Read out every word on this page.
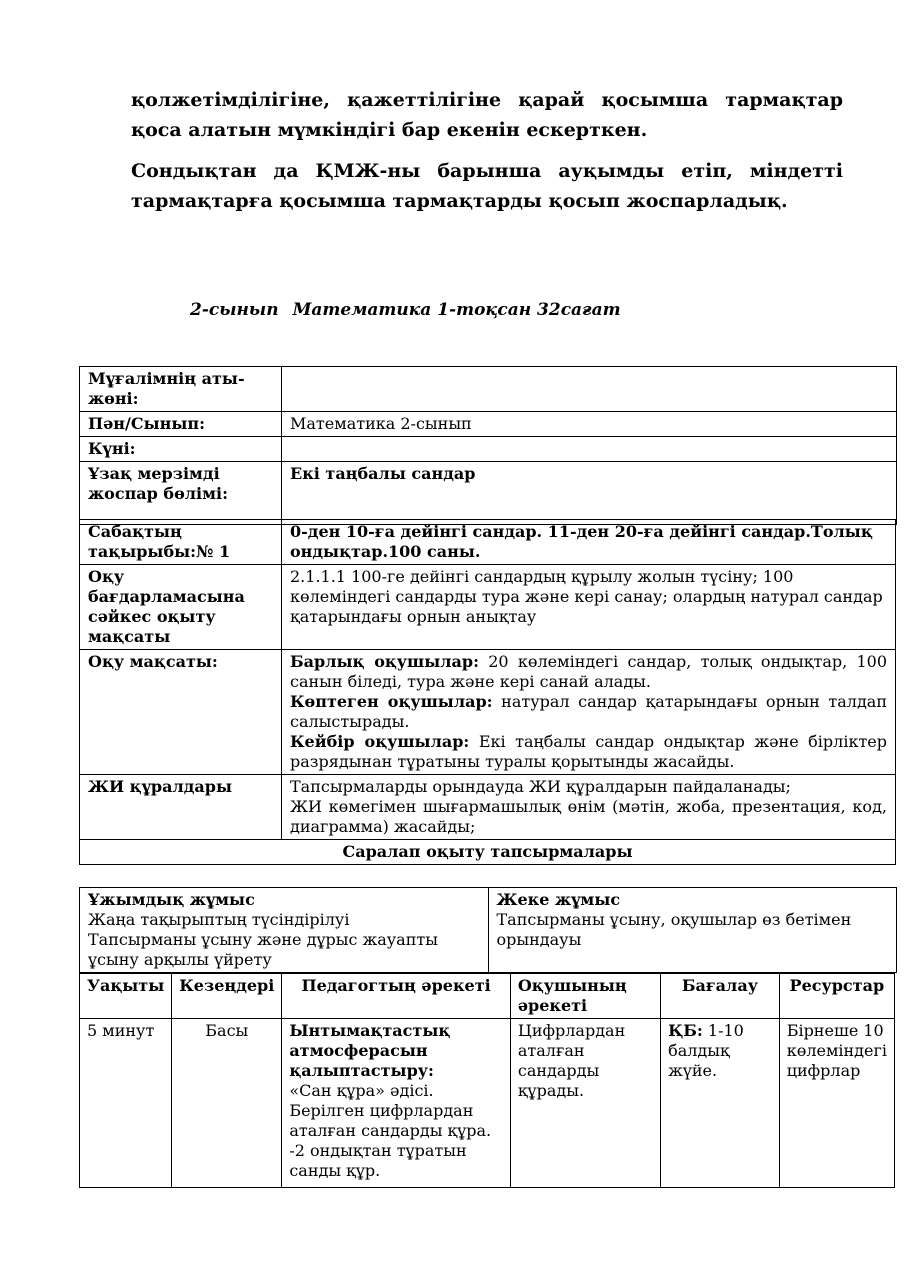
қолжетімділігіне, қажеттілігіне қарай қосымша тармақтар қоса алатын мүмкіндігі бар екенін ескерткен.

Сондықтан да ҚМЖ-ны барынша ауқымды етіп, міндетті тармақтарға қосымша тармақтарды қосып жоспарладық.

2-сынып Математика 1-тоқсан 32сағат
Мұғалімнің аты-жөні:	
Пән/Сынып:	Математика 2-сынып
Күні:	
Ұзақ мерзімді жоспар бөлімі:	Екі таңбалы сандар
Сабақтың тақырыбы:№ 1	0-ден 10-ға дейінгі сандар. 11-ден 20-ға дейінгі сандар.Толық ондықтар.100 саны.
Оқу бағдарламасына сәйкес оқыту мақсаты	2.1.1.1 100-ге дейінгі сандардың құрылу жолын түсіну; 100 көлеміндегі сандарды тура және кері санау; олардың натурал сандар қатарындағы орнын анықтау
Оқу мақсаты:	Барлық оқушылар: 20 көлеміндегі сандар, толық ондықтар, 100 санын біледі, тура және кері санай алады.
Көптеген оқушылар: натурал сандар қатарындағы орнын талдап салыстырады.
Кейбір оқушылар: Екі таңбалы сандар ондықтар және бірліктер разрядынан тұратыны туралы қорытынды жасайды.

ЖИ құралдары	Тапсырмаларды орындауда ЖИ құралдарын пайдаланады;
ЖИ көмегімен шығармашылық өнім (мәтін, жоба, презентация, код, диаграмма) жасайды;

Саралап оқыту тапсырмалары	
Ұжымдық жұмыс
Жаңа тақырыптың түсіндірілуі
Тапсырманы ұсыну және дұрыс жауапты ұсыну арқылы үйрету

Жеке жұмыс
Тапсырманы ұсыну, оқушылар өз бетімен орындауы
Уақыты	Кезеңдері	Педагогтың әрекеті	Оқушының әрекеті	Бағалау	Ресурстар
5 минут	Басы	Ынтымақтастық атмосферасын қалыптастыру:
«Сан құра» әдісі.
Берілген цифрлардан аталған сандарды құра.
-2 ондықтан тұратын санды құр.	Цифрлардан аталған сандарды құрады.	ҚБ: 1-10 балдық жүйе.	Бірнеше 10 көлеміндегі цифрлар
